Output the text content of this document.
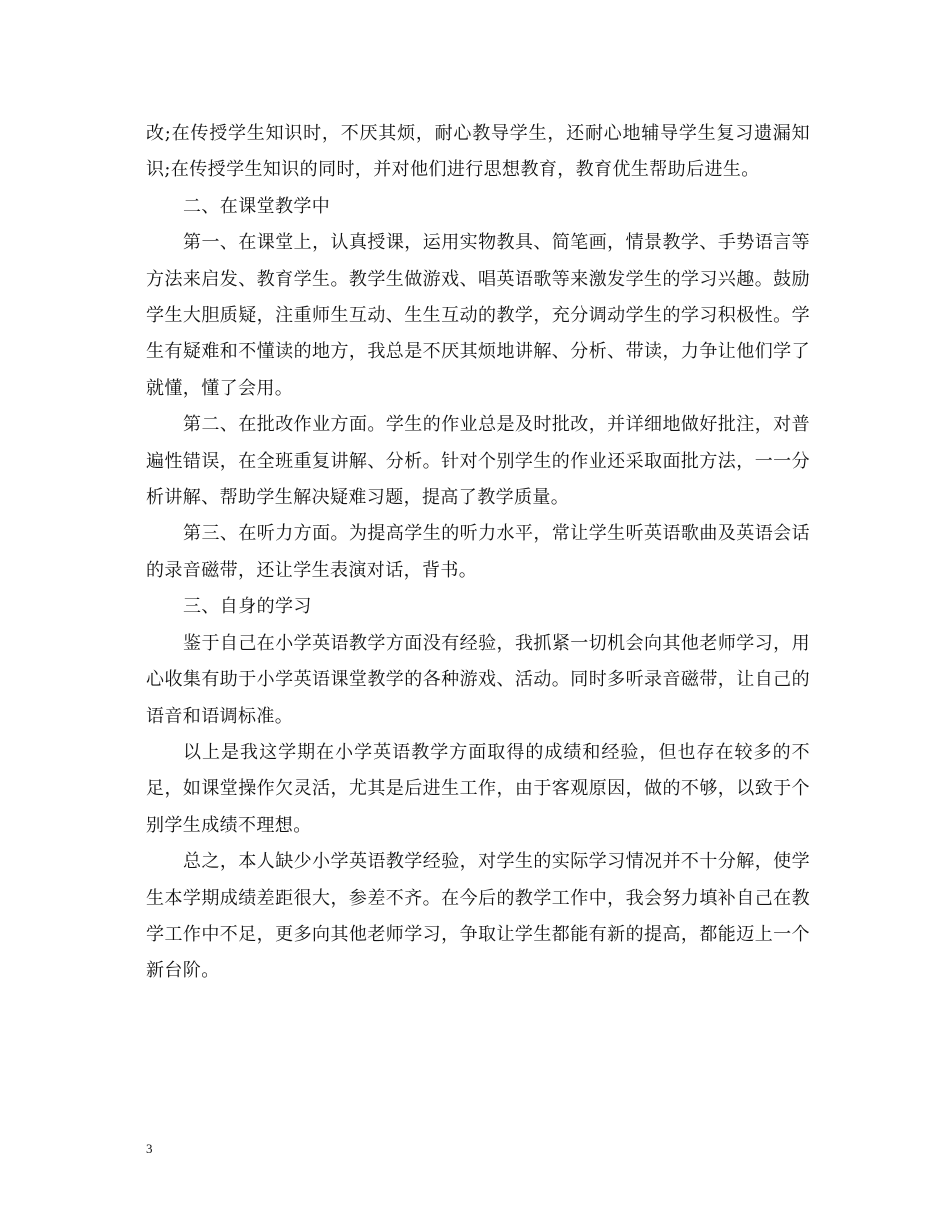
改;在传授学生知识时，不厌其烦，耐心教导学生，还耐心地辅导学生复习遗漏知识;在传授学生知识的同时，并对他们进行思想教育，教育优生帮助后进生。

二、在课堂教学中

第一、在课堂上，认真授课，运用实物教具、简笔画，情景教学、手势语言等方法来启发、教育学生。教学生做游戏、唱英语歌等来激发学生的学习兴趣。鼓励学生大胆质疑，注重师生互动、生生互动的教学，充分调动学生的学习积极性。学生有疑难和不懂读的地方，我总是不厌其烦地讲解、分析、带读，力争让他们学了就懂，懂了会用。

第二、在批改作业方面。学生的作业总是及时批改，并详细地做好批注，对普遍性错误，在全班重复讲解、分析。针对个别学生的作业还采取面批方法，一一分析讲解、帮助学生解决疑难习题，提高了教学质量。

第三、在听力方面。为提高学生的听力水平，常让学生听英语歌曲及英语会话的录音磁带，还让学生表演对话，背书。

三、自身的学习

鉴于自己在小学英语教学方面没有经验，我抓紧一切机会向其他老师学习，用心收集有助于小学英语课堂教学的各种游戏、活动。同时多听录音磁带，让自己的语音和语调标准。

以上是我这学期在小学英语教学方面取得的成绩和经验，但也存在较多的不足，如课堂操作欠灵活，尤其是后进生工作，由于客观原因，做的不够，以致于个别学生成绩不理想。

总之，本人缺少小学英语教学经验，对学生的实际学习情况并不十分解，使学生本学期成绩差距很大，参差不齐。在今后的教学工作中，我会努力填补自己在教学工作中不足，更多向其他老师学习，争取让学生都能有新的提高，都能迈上一个新台阶。

3
